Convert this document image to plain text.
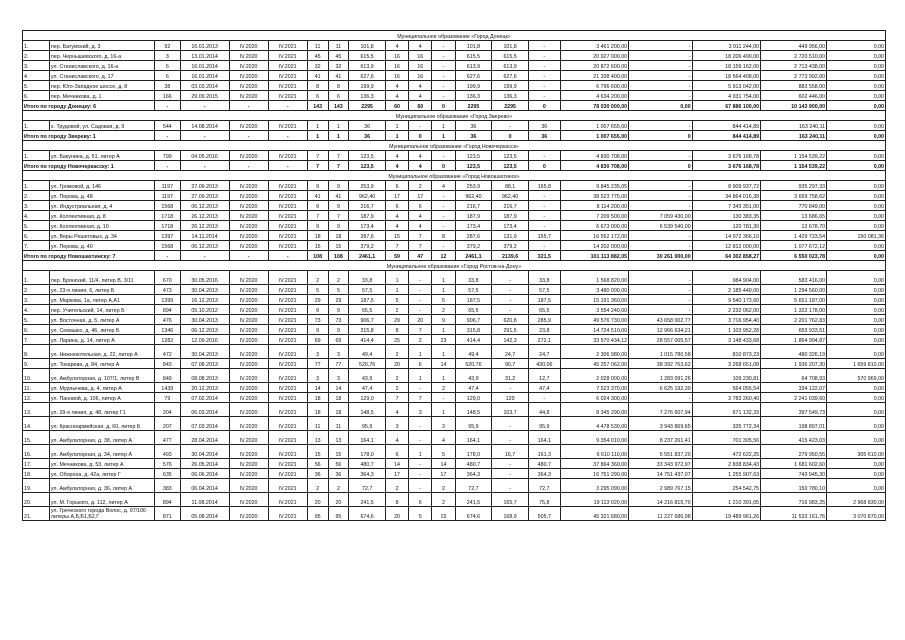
Муниципальное образование «Город Донецк»																			
1.	пер. Батумский, д. 3	92	16.01.2013	IV.2020	IV.2021	11	11	101,8	4	4	-	101,8	101,8	-	3 461 200,00	-	3 011 244,00	449 956,00	0,00
2.	пер. Чернышевского, д. 16-а	3	13.01.2014	IV.2020	IV.2021	45	45	615,5	16	16	-	615,5	615,5	-	20 927 000,00	-	18 206 490,00	2 720 510,00	0,00
3.	ул. Станиславского, д. 16-а	6	16.01.2014	IV.2020	IV.2021	32	32	613,9	16	16	-	613,9	613,9	-	20 872 600,00	-	18 159 162,00	2 713 438,00	0,00
4.	ул. Станиславского, д. 17	6	16.01.2014	IV.2020	IV.2021	41	41	627,6	16	16	-	627,6	627,6	-	21 338 400,00	-	18 564 408,00	2 773 992,00	0,00
5.	пер. Юго-Западное шоссе, д. 8	38	03.03.2014	IV.2020	IV.2021	8	8	199,9	4	4	-	199,9	199,9	-	6 796 600,00	-	5 913 042,00	883 558,00	0,00
6.	пер. Мечникова, д. 1	166	29.09.2015	IV.2020	IV.2021	6	6	136,3	4	4	-	136,3	136,3	-	4 634 200,00	-	4 031 754,00	602 446,00	0,00
Итого по городу Донецку: 6		-	-	-	-	143	143	2295	60	60	0	2295	2295	0	78 030 000,00	0,00	67 886 100,00	10 143 900,00	0,00
Муниципальное образование «Город Зверево»																			
1.	х. Трудовой, ул. Садовая, д. 9	544	14.08.2014	IV.2020	IV.2021	1	1	36	1	-	1	36	-	36	1 007 655,00	-	844 414,89	163 240,11	0,00
Итого по городу Звереву: 1		-	-	-	-	1	1	36	1	0	1	36	0	36	1 007 655,00	0	844 414,89	163 240,11	0,00
Муниципальное образование «Город Новочеркасск»																			
1.	ул. Бакунина, д. 51, литер А	799	04.05.2016	IV.2020	IV.2021	7	7	123,5	4	4	-	123,5	123,5	-	4 830 708,00	-	3 676 168,78	1 154 539,22	0,00
Итого по городу Новочеркасску: 1		-	-	-	-	7	7	123,5	4	4	0	123,5	123,5	0	4 830 708,00	0	3 676 168,78	1 154 539,22	0,00
Муниципальное образование «Город Новошахтинск»																			
1.	ул. Громовой, д. 146	1197	27.09.2013	IV.2020	IV.2021	9	9	253,9	6	2	4	253,9	88,1	165,8	9 845 235,05	-	8 909 937,72	935 297,33	0,00
2.	ул. Перова, д. 48	1197	27.09.2013	IV.2020	IV.2021	41	41	962,40	17	17	-	962,40	962,40	-	38 523 775,00	-	34 864 016,38	3 659 758,62	0,00
3.	ул. Индустриальная, д. 4	1568	06.12.2013	IV.2020	IV.2021	9	9	216,7	6	6	-	216,7	216,7	-	8 114 200,00	-	7 343 351,00	770 849,00	0,00
4.	ул. Коллективная, д. 8	1718	26.12.2013	IV.2020	IV.2021	7	7	187,9	4	4	-	187,9	187,9	-	7 209 500,00	7 059 430,00	130 383,35	13 686,65	0,00
5.	ул. Коллективная, д. 10	1718	26.12.2013	IV.2020	IV.2021	9	9	173,4	4	4	-	173,4	173,4	-	6 673 000,00	6 539 540,00	120 781,30	12 678,70	0,00
6.	ул. Веры Решетовых, д. 34	1397	14.11.2014	IV.2020	IV.2021	18	18	287,6	15	7	8	287,6	131,9	155,7	16 552 172,00	-	14 972 366,10	1 429 723,54	150 081,36
7.	ул. Перова, д. 40	1568	06.12.2013	IV.2020	IV.2021	15	15	379,2	7	7	-	379,2	379,2	-	14 202 000,00	-	12 812 000,00	1 077 672,12	0,00
Итого по городу Новошахтинску: 7		-	-	-	-	108	108	2461,1	59	47	12	2461,1	2139,6	321,5	101 113 882,05	30 261 000,00	64 302 858,27	6 550 023,78	0,00
Муниципальное образование «Город Ростов-на-Дону»																			
1.	пер. Брянский, 11/4, литер В, 3/11	670	30.05.2016	IV.2020	IV.2021	2	2	33,8	1	-	1	33,8	-	33,8	1 568 820,00	-	984 904,00	583 416,00	0,00
2.	ул. 23-я линия, 6, литер Б	473	30.04.2013	IV.2020	IV.2021	5	5	57,5	1	-	1	57,5	-	57,5	3 480 000,00	-	2 185 440,00	1 294 560,00	0,00
3.	ул. Маркова, 1а, литер А,А1	1399	16.12.2013	IV.2020	IV.2021	29	29	187,5	5	-	5	187,5	-	187,5	15 191 360,00	-	9 540 173,60	5 651 187,00	0,00
4.	пер. Учительский, 14, литер Б	894	05.10.2012	IV.2020	IV.2021	9	9	65,5	2	-	2	65,5	-	65,5	3 554 240,00	-	2 232 062,00	1 322 178,00	0,00
5.	ул. Восточная, д. 5, литер А	476	30.04.2013	IV.2020	IV.2021	73	73	906,7	29	20	9	906,7	620,8	285,9	49 576 730,00	43 658 002,77	3 716 954,40	2 201 762,83	0,00
6.	ул. Семашко, д. 46, литер Б	1346	06.12.2013	IV.2020	IV.2021	9	9	315,8	8	7	1	315,8	291,5	23,8	14 724 510,00	12 966 634,21	1 103 952,28	653 933,51	0,00
7.	ул. Ларина, д. 14, литер А	1282	12.09.2016	IV.2020	IV.2021	69	69	414,4	25	2	23	414,4	142,3	272,1	33 570 434,12	28 557 005,57	3 148 433,68	1 864 994,87	0,00
8.	ул. Нижнекотельная, д. 22, литер А	472	30.04.2013	IV.2020	IV.2021	3	3	49,4	2	1	1	49,4	24,7	24,7	2 306 980,00	1 015 780,58	810 873,23	480 326,19	0,00
9.	ул. Токарева, д. 84, литер А	843	07.08.2013	IV.2020	IV.2021	77	77	520,76	20	6	14	520,76	90,7	430,06	45 257 062,00	38 392 763,62	3 268 651,08	1 936 207,30	1 659 810,00
10.	ул. Амбулаторная, д. 107/1, литер В	849	08.08.2013	IV.2020	IV.2021	3	3	43,9	2	1	1	43,9	31,2	12,7	2 028 000,00	1 283 091,26	109 230,81	64 708,93	570 969,00
11.	ул. Мурлычева, д. 4, литер А	1439	20.12.2013	IV.2020	IV.2021	14	14	47,4	2	-	2	47,4	-	47,4	7 523 370,00	6 625 192,39	564 055,54	334 122,07	0,00
12.	ул. Пановой, д. 106, литер А	79	07.02.2014	IV.2020	IV.2021	18	18	129,0	7	7	-	129,0	129	-	6 024 300,00	-	3 783 260,40	2 241 039,60	0,00
13.	ул. 29-я линия, д. 48, литер Г1	204	06.03.2014	IV.2020	IV.2021	18	18	148,5	4	3	1	148,5	103,7	44,8	8 345 290,00	7 276 607,94	671 132,33	397 549,73	0,00
14.	ул. Красноармейская, д. 60, литер Б	207	07.03.2014	IV.2020	IV.2021	11	11	95,9	3	-	3	95,9	-	95,9	4 478 530,00	3 943 869,65	335 772,34	198 897,01	0,00
15.	ул. Амбулаторная, д. 38, литер А	477	28.04.2014	IV.2020	IV.2021	13	13	164,1	4	-	4	164,1	-	164,1	9 354 010,00	8 237 261,41	701 305,56	415 423,03	0,00
16.	ул. Амбулаторная, д. 34, литер А	493	30.04.2014	IV.2020	IV.2021	15	15	178,0	6	1	5	178,0	16,7	161,3	6 610 110,00	5 551 837,20	472 622,25	279 950,55	305 610,00
17.	ул. Мечникова, д. 53, литер А	576	26.05.2014	IV.2020	IV.2021	56	56	480,7	14	-	14	480,7	-	480,7	37 864 360,00	33 343 972,97	2 838 834,43	1 681 602,60	0,00
18.	ул. Оборона, д. 42а, литер Г	635	06.06.2014	IV.2020	IV.2021	36	36	364,3	17	-	17	364,3	-	364,3	16 751 290,00	14 751 437,07	1 255 907,63	743 945,30	0,00
19.	ул. Амбулаторная, д. 36, литер А	383	06.04.2014	IV.2020	IV.2021	2	2	72,7	2	-	2	72,7	-	72,7	3 295 090,00	2 989 767,15	254 542,75	150 780,10	0,00
20.	ул. М. Горького, д. 112, литер А	894	11.08.2014	IV.2020	IV.2021	20	20	241,5	8	6	2	241,5	165,7	75,8	19 113 020,00	14 216 815,70	1 210 391,05	716 983,25	2 968 830,00
21.	ул. Греческого города Волос, д. 97/106 литеры А,Б,Б1,Б2,Г	871	05.08.2014	IV.2020	IV.2021	95	95	674,6	20	5	15	674,6	168,9	505,7	45 321 680,00	11 227 686,98	19 489 961,26	11 533 161,76	3 070 870,00
